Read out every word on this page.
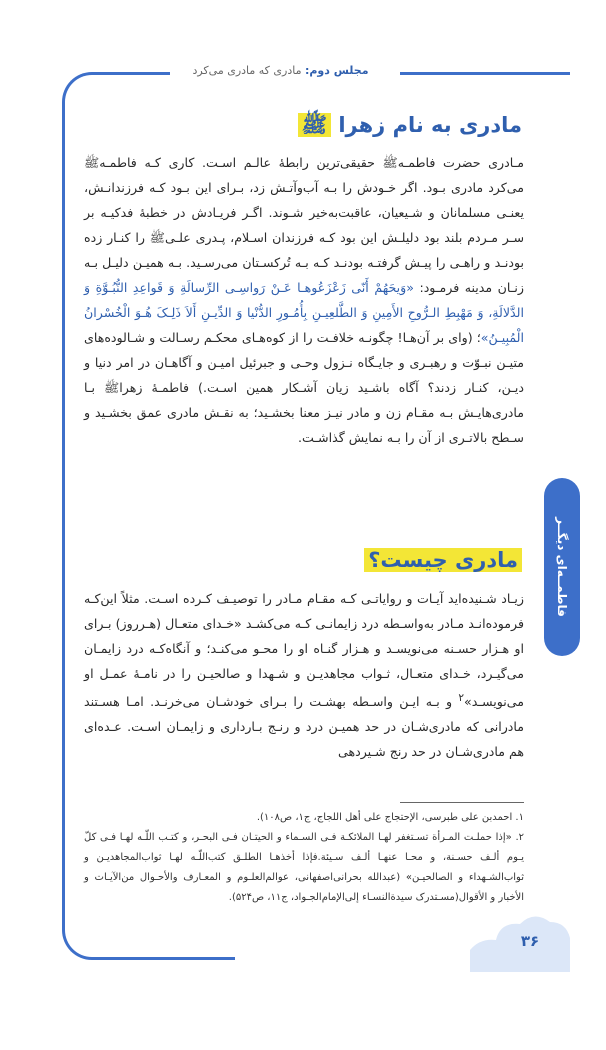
مجلس دوم: مادری که مادری می‌کرد
مادری به نام زهرا ﷺ
مـادری حضرت فاطمـهﷺ حقیقی‌ترین رابطهٔ عالـم اسـت. کاری کـه فاطمـهﷺ می‌کرد مادری بـود. اگر خـودش را بـه آب‌وآتـش زد، بـرای این بـود کـه فرزندانـش، یعنـی مسلمانان و شـیعیان، عاقبت‌به‌خیر شـوند. اگـر فریـادش در خطبهٔ فدکیـه بر سـر مـردم بلند بود دلیلـش این بود کـه فرزندان اسـلام، پـدری علـیﷺ را کنـار زده بودنـد و راهـی را پیـش گرفتـه بودنـد کـه بـه تُرکسـتان می‌رسـید. بـه همیـن دلیـل بـه زنـان مدینه فرمـود: «وَیحَهُمْ أَنّی زَعْزَعُوهـا عَـنْ رَواسِـی الرِّسالَةِ وَ قَواعِدِ النُّبُـوَّةِ وَ الدَّلالَةِ، وَ مَهْبِطِ الـرُّوحِ الأَمِینِ وَ الطَّلعِیـنِ بِأُمُـورِ الدُّنْیا وَ الدِّیـنِ أَلاَ ذَلِـکَ هُـوَ الْخُسْرانُ الْمُبِیـنُ»؛ (وای بر آن‌هـا! چگونـه خلافـت را از کوه‌هـای محکـم رسـالت و شـالوده‌های متیـن نبـوّت و رهبـری و جایـگاه نـزول وحـی و جبرئیل امیـن و آگاهـان در امر دنیا و دیـن، کنـار زدند؟ آگاه باشـید زیان آشـکار همین اسـت.) فاطمـهٔ زهراﷺ بـا مادری‌هایـش بـه مقـام زن و مادر نیـز معنا بخشـید؛ به نقـش مادری عمق بخشـید و سـطح بالاتـری از آن را بـه نمایش گذاشـت.
مادری چیست؟
زیـاد شـنیده‌اید آیـات و روایاتـی کـه مقـام مـادر را توصیـف کـرده اسـت. مثلاً این‌کـه فرموده‌انـد مـادر به‌واسـطه درد زایمانـی کـه می‌کشـد «خـدای متعـال (هـرروز) بـرای او هـزار حسـنه می‌نویسـد و هـزار گنـاه او را محـو می‌کنـد؛ و آنگاه‌کـه درد زایمـان می‌گیـرد، خـدای متعـال، ثـواب مجاهدیـن و شـهدا و صالحیـن را در نامـهٔ عمـل او می‌نویسـد»$^۲$ و بـه ایـن واسـطه بهشـت را بـرای خودشـان می‌خرنـد. امـا هسـتند مادرانی که مادری‌شـان در حد همیـن درد و رنـج بـارداری و زایمـان اسـت. عـده‌ای هم مادری‌شـان در حد رنج شـیردهی
۱. احمدبن علی طبرسی، الإحتجاج علی أهل اللجاج، ج۱، ص۱۰۸).
۲. «إذا حملـت المـرأة تسـتغفر لهـا الملائکـة فـی السـماء و الحیتـان فـی البحـر، و کتـب اللّـه لهـا فـی کلّ یـوم ألـف حسـنة، و محـا عنهـا ألـف سـیئة.فإذا أخذهـا الطلـق کتب‌اللّـه لهـا ثواب‌المجاهدیـن و ثواب‌الشـهداء و الصالحیـن» (عبدالله بحرانی‌اصفهانی، عوالم‌العلـوم و المعـارف والأحـوال من‌الآیـات و الأخبار و الأقوال(مسـتدرک سیدة‌النسـاء إلی‌الإمام‌الجـواد، ج۱۱، ص۵۲۴).
فاطمــه‌ای دیگــر
۳۶
